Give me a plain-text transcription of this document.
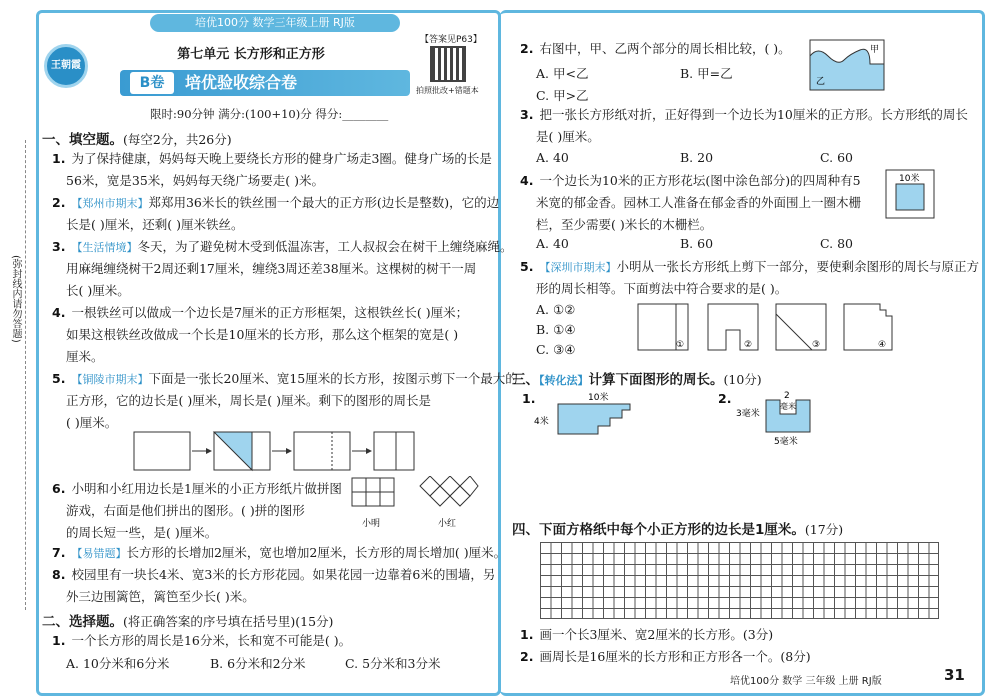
培优100分 数学三年级上册 RJ版
(弥封线内请勿答题)
王朝霞
第七单元 长方形和正方形
B卷	培优验收综合卷
【答案见P63】
拍照批改+错题本
限时:90分钟 满分:(100+10)分 得分:________
一、填空题。(每空2分，共26分)
1. 为了保持健康，妈妈每天晚上要绕长方形的健身广场走3圈。健身广场的长是
56米，宽是35米，妈妈每天绕广场要走( )米。
2. 【郑州市期末】郑郑用36米长的铁丝围一个最大的正方形(边长是整数)，它的边
长是( )厘米，还剩( )厘米铁丝。
3. 【生活情境】冬天，为了避免树木受到低温冻害，工人叔叔会在树干上缠绕麻绳。
用麻绳缠绕树干2周还剩17厘米，缠绕3周还差38厘米。这棵树的树干一周
长( )厘米。
4. 一根铁丝可以做成一个边长是7厘米的正方形框架，这根铁丝长( )厘米；
如果这根铁丝改做成一个长是10厘米的长方形，那么这个框架的宽是( )
厘米。
5. 【铜陵市期末】下面是一张长20厘米、宽15厘米的长方形，按图示剪下一个最大的
正方形，它的边长是( )厘米，周长是( )厘米。剩下的图形的周长是
( )厘米。
6. 小明和小红用边长是1厘米的小正方形纸片做拼图
游戏，右面是他们拼出的图形。( )拼的图形
的周长短一些，是( )厘米。
小明	小红
7. 【易错题】长方形的长增加2厘米，宽也增加2厘米，长方形的周长增加( )厘米。
8. 校园里有一块长4米、宽3米的长方形花园。如果花园一边靠着6米的围墙，另
外三边围篱笆，篱笆至少长( )米。
二、选择题。(将正确答案的序号填在括号里)(15分)
1. 一个长方形的周长是16分米，长和宽不可能是( )。
A. 10分米和6分米	B. 6分米和2分米	C. 5分米和3分米
2. 右图中，甲、乙两个部分的周长相比较，( )。
A. 甲<乙	B. 甲=乙
C. 甲>乙
甲
乙
3. 把一张长方形纸对折，正好得到一个边长为10厘米的正方形。长方形纸的周长
是( )厘米。
A. 40	B. 20	C. 60
4. 一个边长为10米的正方形花坛(图中涂色部分)的四周种有5
米宽的郁金香。园林工人准备在郁金香的外面围上一圈木栅
栏，至少需要( )米长的木栅栏。
10米
A. 40	B. 60	C. 80
5. 【深圳市期末】小明从一张长方形纸上剪下一部分，要使剩余图形的周长与原正方
形的周长相等。下面剪法中符合要求的是( )。
A. ①②
B. ①④
C. ③④	①	②	③	④
三、【转化法】计算下面图形的周长。(10分)
1.	10米
4米
2.	2
毫米
3毫米
5毫米
四、下面方格纸中每个小正方形的边长是1厘米。(17分)
1. 画一个长3厘米、宽2厘米的长方形。(3分)
2. 画周长是16厘米的长方形和正方形各一个。(8分)
培优100分 数学 三年级 上册 RJ版	31
